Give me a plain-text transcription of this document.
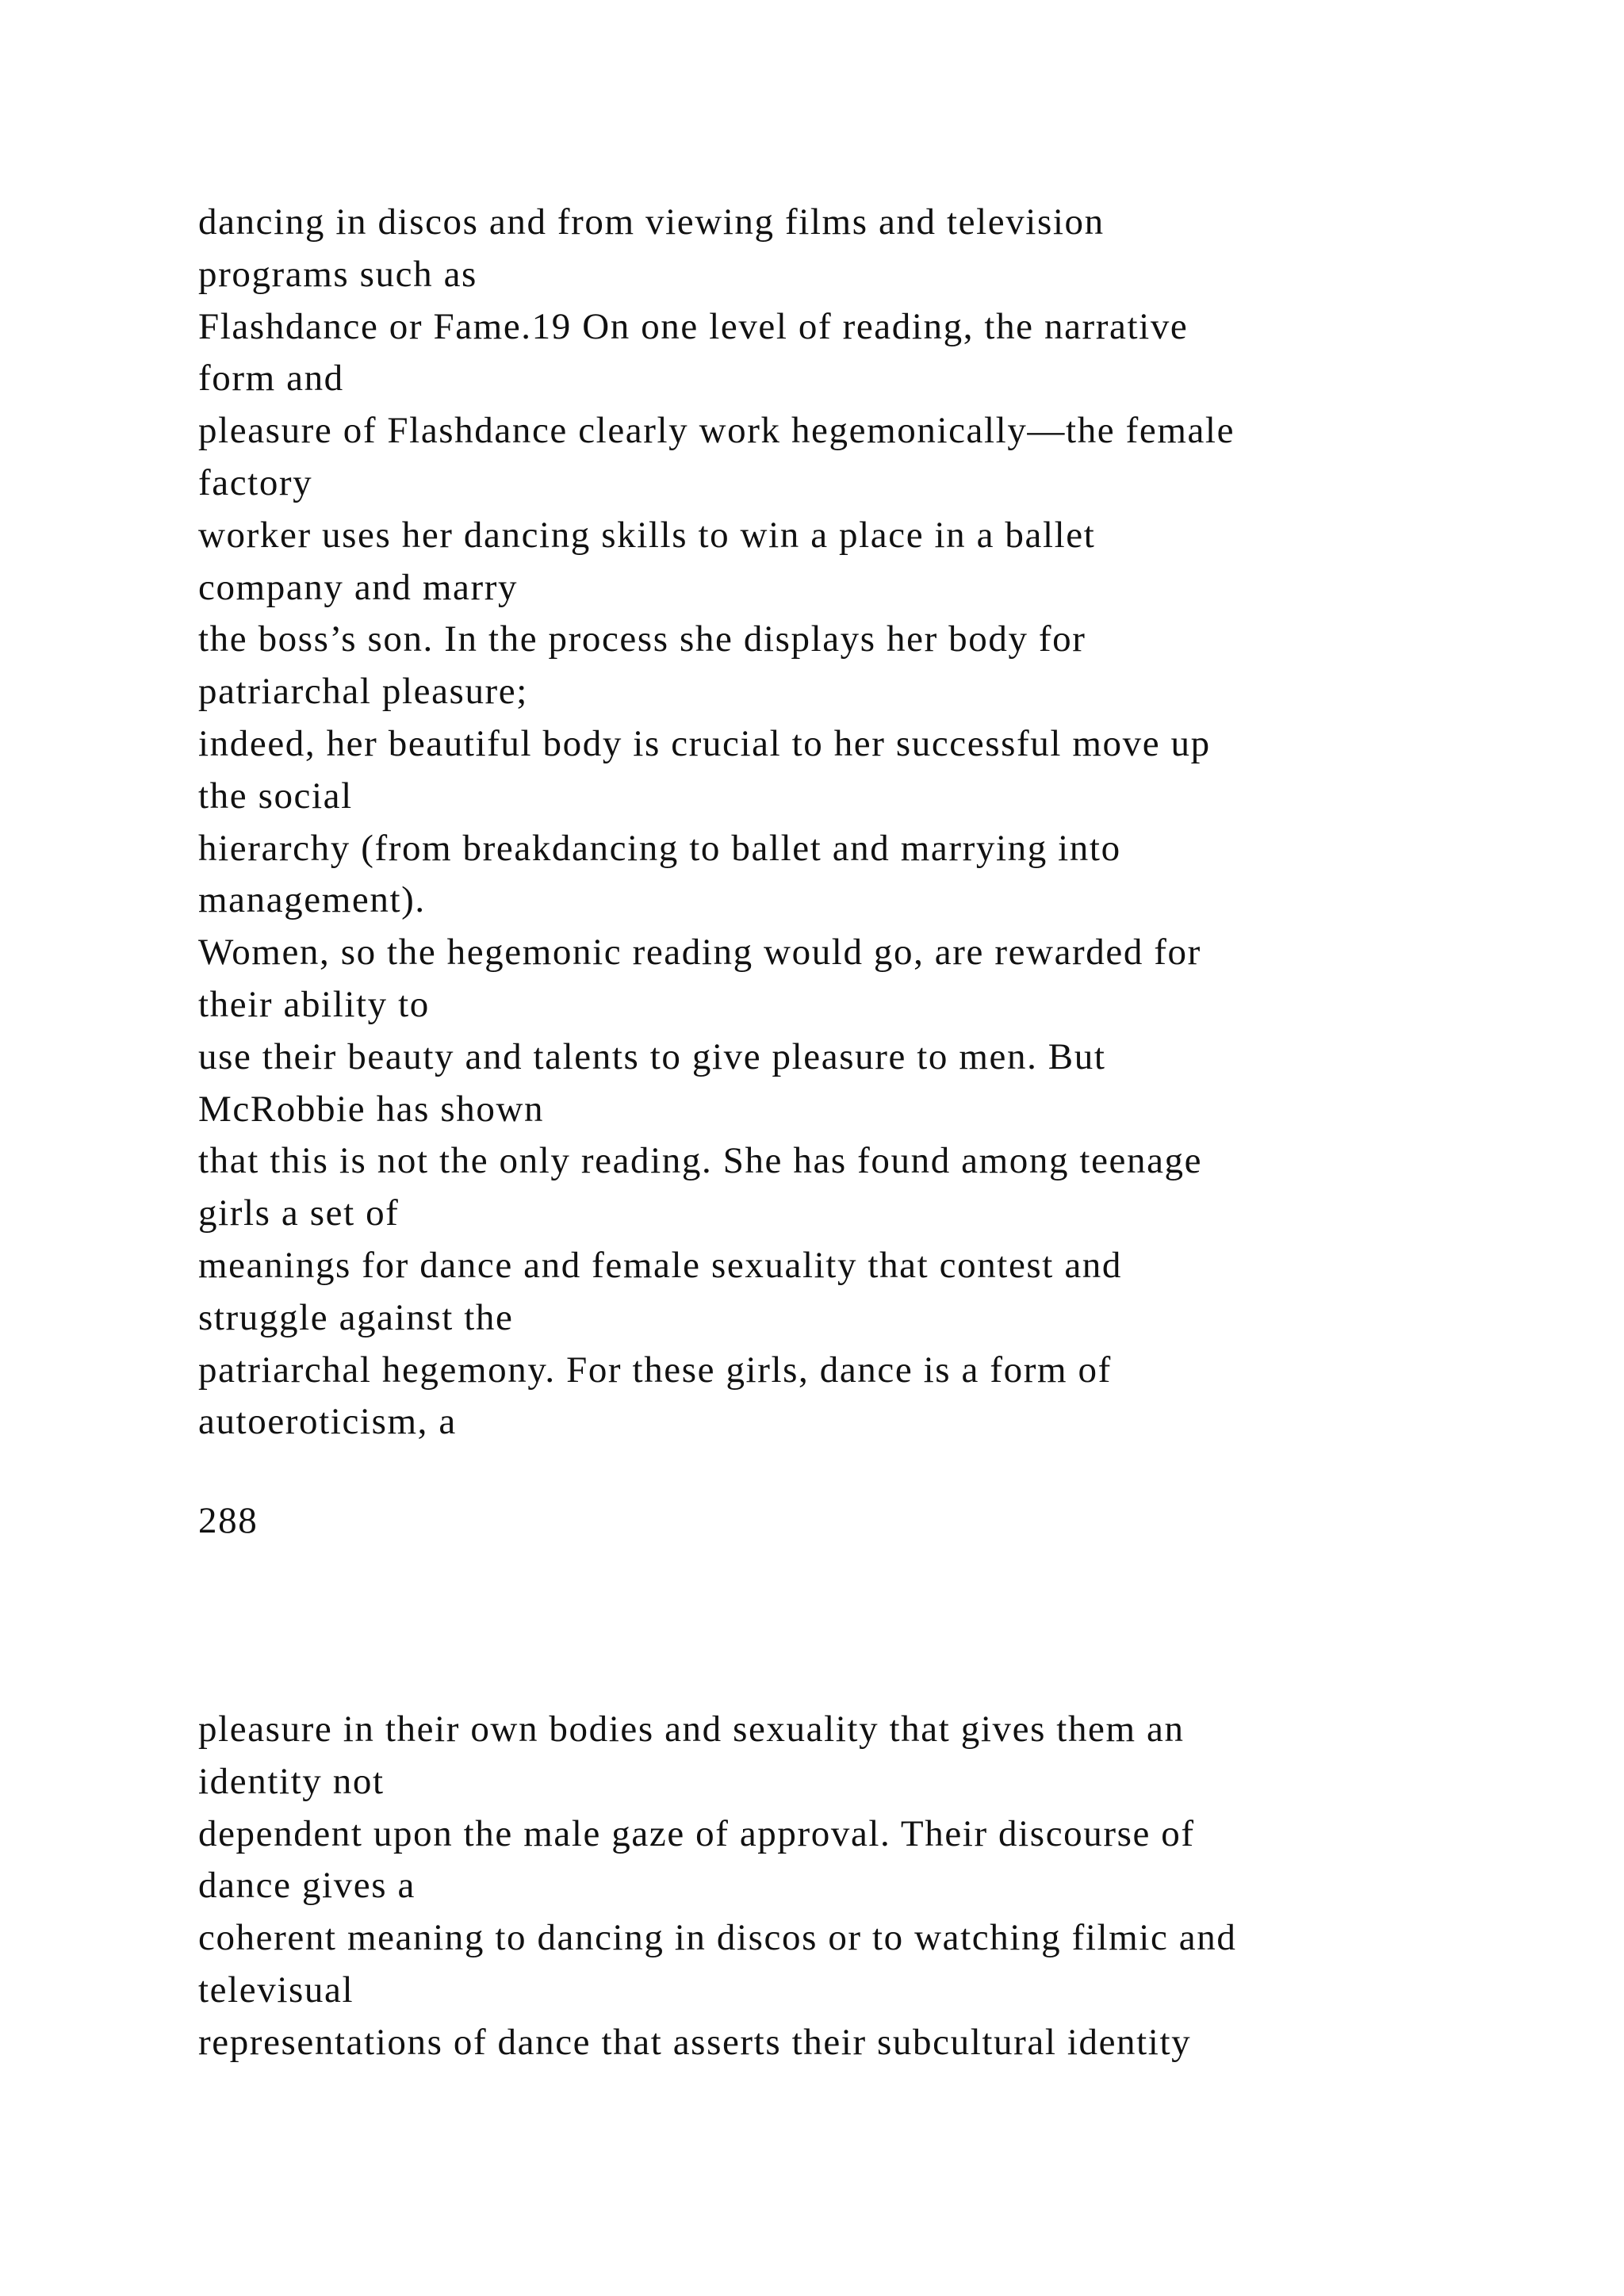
dancing in discos and from viewing films and television
programs such as
Flashdance or Fame.19 On one level of reading, the narrative
form and
pleasure of Flashdance clearly work hegemonically—the female
factory
worker uses her dancing skills to win a place in a ballet
company and marry
the boss’s son. In the process she displays her body for
patriarchal pleasure;
indeed, her beautiful body is crucial to her successful move up
the social
hierarchy (from breakdancing to ballet and marrying into
management).
Women, so the hegemonic reading would go, are rewarded for
their ability to
use their beauty and talents to give pleasure to men. But
McRobbie has shown
that this is not the only reading. She has found among teenage
girls a set of
meanings for dance and female sexuality that contest and
struggle against the
patriarchal hegemony. For these girls, dance is a form of
autoeroticism, a
288
pleasure in their own bodies and sexuality that gives them an
identity not
dependent upon the male gaze of approval. Their discourse of
dance gives a
coherent meaning to dancing in discos or to watching filmic and
televisual
representations of dance that asserts their subcultural identity
